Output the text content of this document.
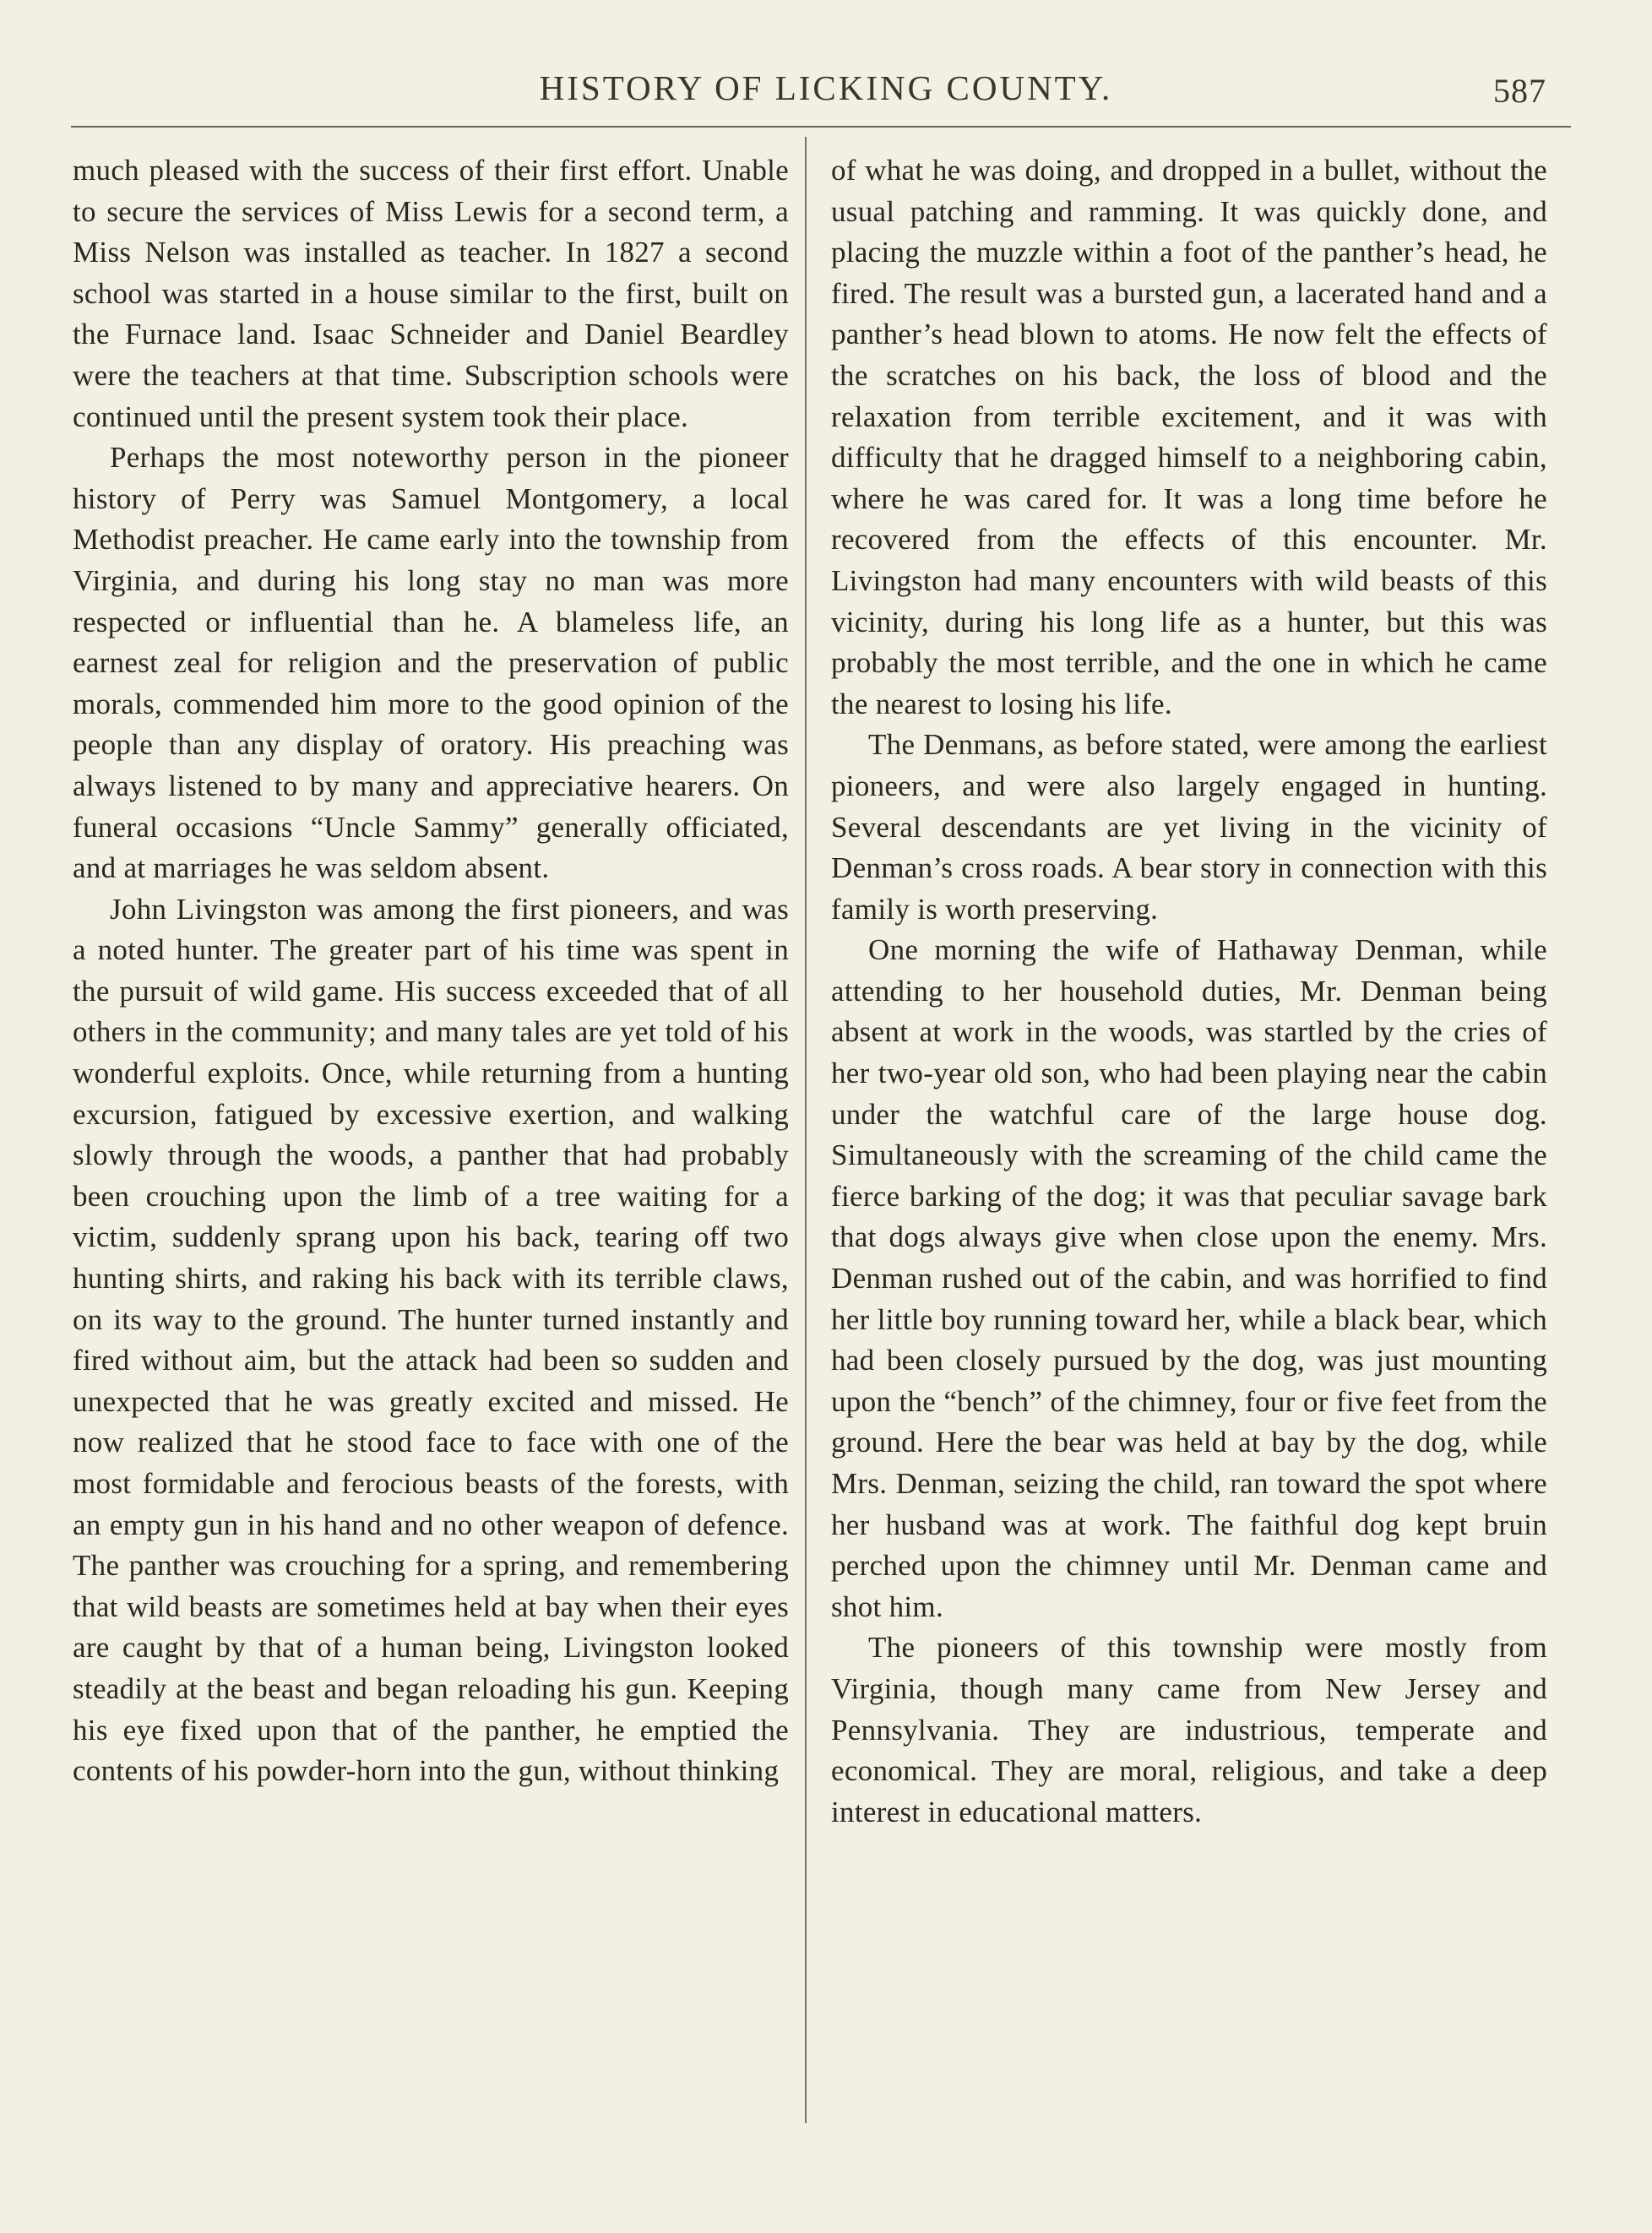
HISTORY OF LICKING COUNTY.	587

much pleased with the success of their first effort. Unable to secure the services of Miss Lewis for a second term, a Miss Nelson was installed as teacher. In 1827 a second school was started in a house similar to the first, built on the Furnace land. Isaac Schneider and Daniel Beardley were the teachers at that time. Subscription schools were continued until the present system took their place.

Perhaps the most noteworthy person in the pioneer history of Perry was Samuel Montgomery, a local Methodist preacher. He came early into the township from Virginia, and during his long stay no man was more respected or influential than he. A blameless life, an earnest zeal for religion and the preservation of public morals, commended him more to the good opinion of the people than any display of oratory. His preaching was always listened to by many and appreciative hearers. On funeral occasions “Uncle Sammy” generally officiated, and at marriages he was seldom absent.

John Livingston was among the first pioneers, and was a noted hunter. The greater part of his time was spent in the pursuit of wild game. His success exceeded that of all others in the community; and many tales are yet told of his wonderful exploits. Once, while returning from a hunting excursion, fatigued by excessive exertion, and walking slowly through the woods, a panther that had probably been crouching upon the limb of a tree waiting for a victim, suddenly sprang upon his back, tearing off two hunting shirts, and raking his back with its terrible claws, on its way to the ground. The hunter turned instantly and fired without aim, but the attack had been so sudden and unexpected that he was greatly excited and missed. He now realized that he stood face to face with one of the most formidable and ferocious beasts of the forests, with an empty gun in his hand and no other weapon of defence. The panther was crouching for a spring, and remembering that wild beasts are sometimes held at bay when their eyes are caught by that of a human being, Livingston looked steadily at the beast and began reloading his gun. Keeping his eye fixed upon that of the panther, he emptied the contents of his powder-horn into the gun, without thinking

of what he was doing, and dropped in a bullet, without the usual patching and ramming. It was quickly done, and placing the muzzle within a foot of the panther’s head, he fired. The result was a bursted gun, a lacerated hand and a panther’s head blown to atoms. He now felt the effects of the scratches on his back, the loss of blood and the relaxation from terrible excitement, and it was with difficulty that he dragged himself to a neighboring cabin, where he was cared for. It was a long time before he recovered from the effects of this encounter. Mr. Livingston had many encounters with wild beasts of this vicinity, during his long life as a hunter, but this was probably the most terrible, and the one in which he came the nearest to losing his life.

The Denmans, as before stated, were among the earliest pioneers, and were also largely engaged in hunting. Several descendants are yet living in the vicinity of Denman’s cross roads. A bear story in connection with this family is worth preserving.

One morning the wife of Hathaway Denman, while attending to her household duties, Mr. Denman being absent at work in the woods, was startled by the cries of her two-year old son, who had been playing near the cabin under the watchful care of the large house dog. Simultaneously with the screaming of the child came the fierce barking of the dog; it was that peculiar savage bark that dogs always give when close upon the enemy. Mrs. Denman rushed out of the cabin, and was horrified to find her little boy running toward her, while a black bear, which had been closely pursued by the dog, was just mounting upon the “bench” of the chimney, four or five feet from the ground. Here the bear was held at bay by the dog, while Mrs. Denman, seizing the child, ran toward the spot where her husband was at work. The faithful dog kept bruin perched upon the chimney until Mr. Denman came and shot him.

The pioneers of this township were mostly from Virginia, though many came from New Jersey and Pennsylvania. They are industrious, temperate and economical. They are moral, religious, and take a deep interest in educational matters.
